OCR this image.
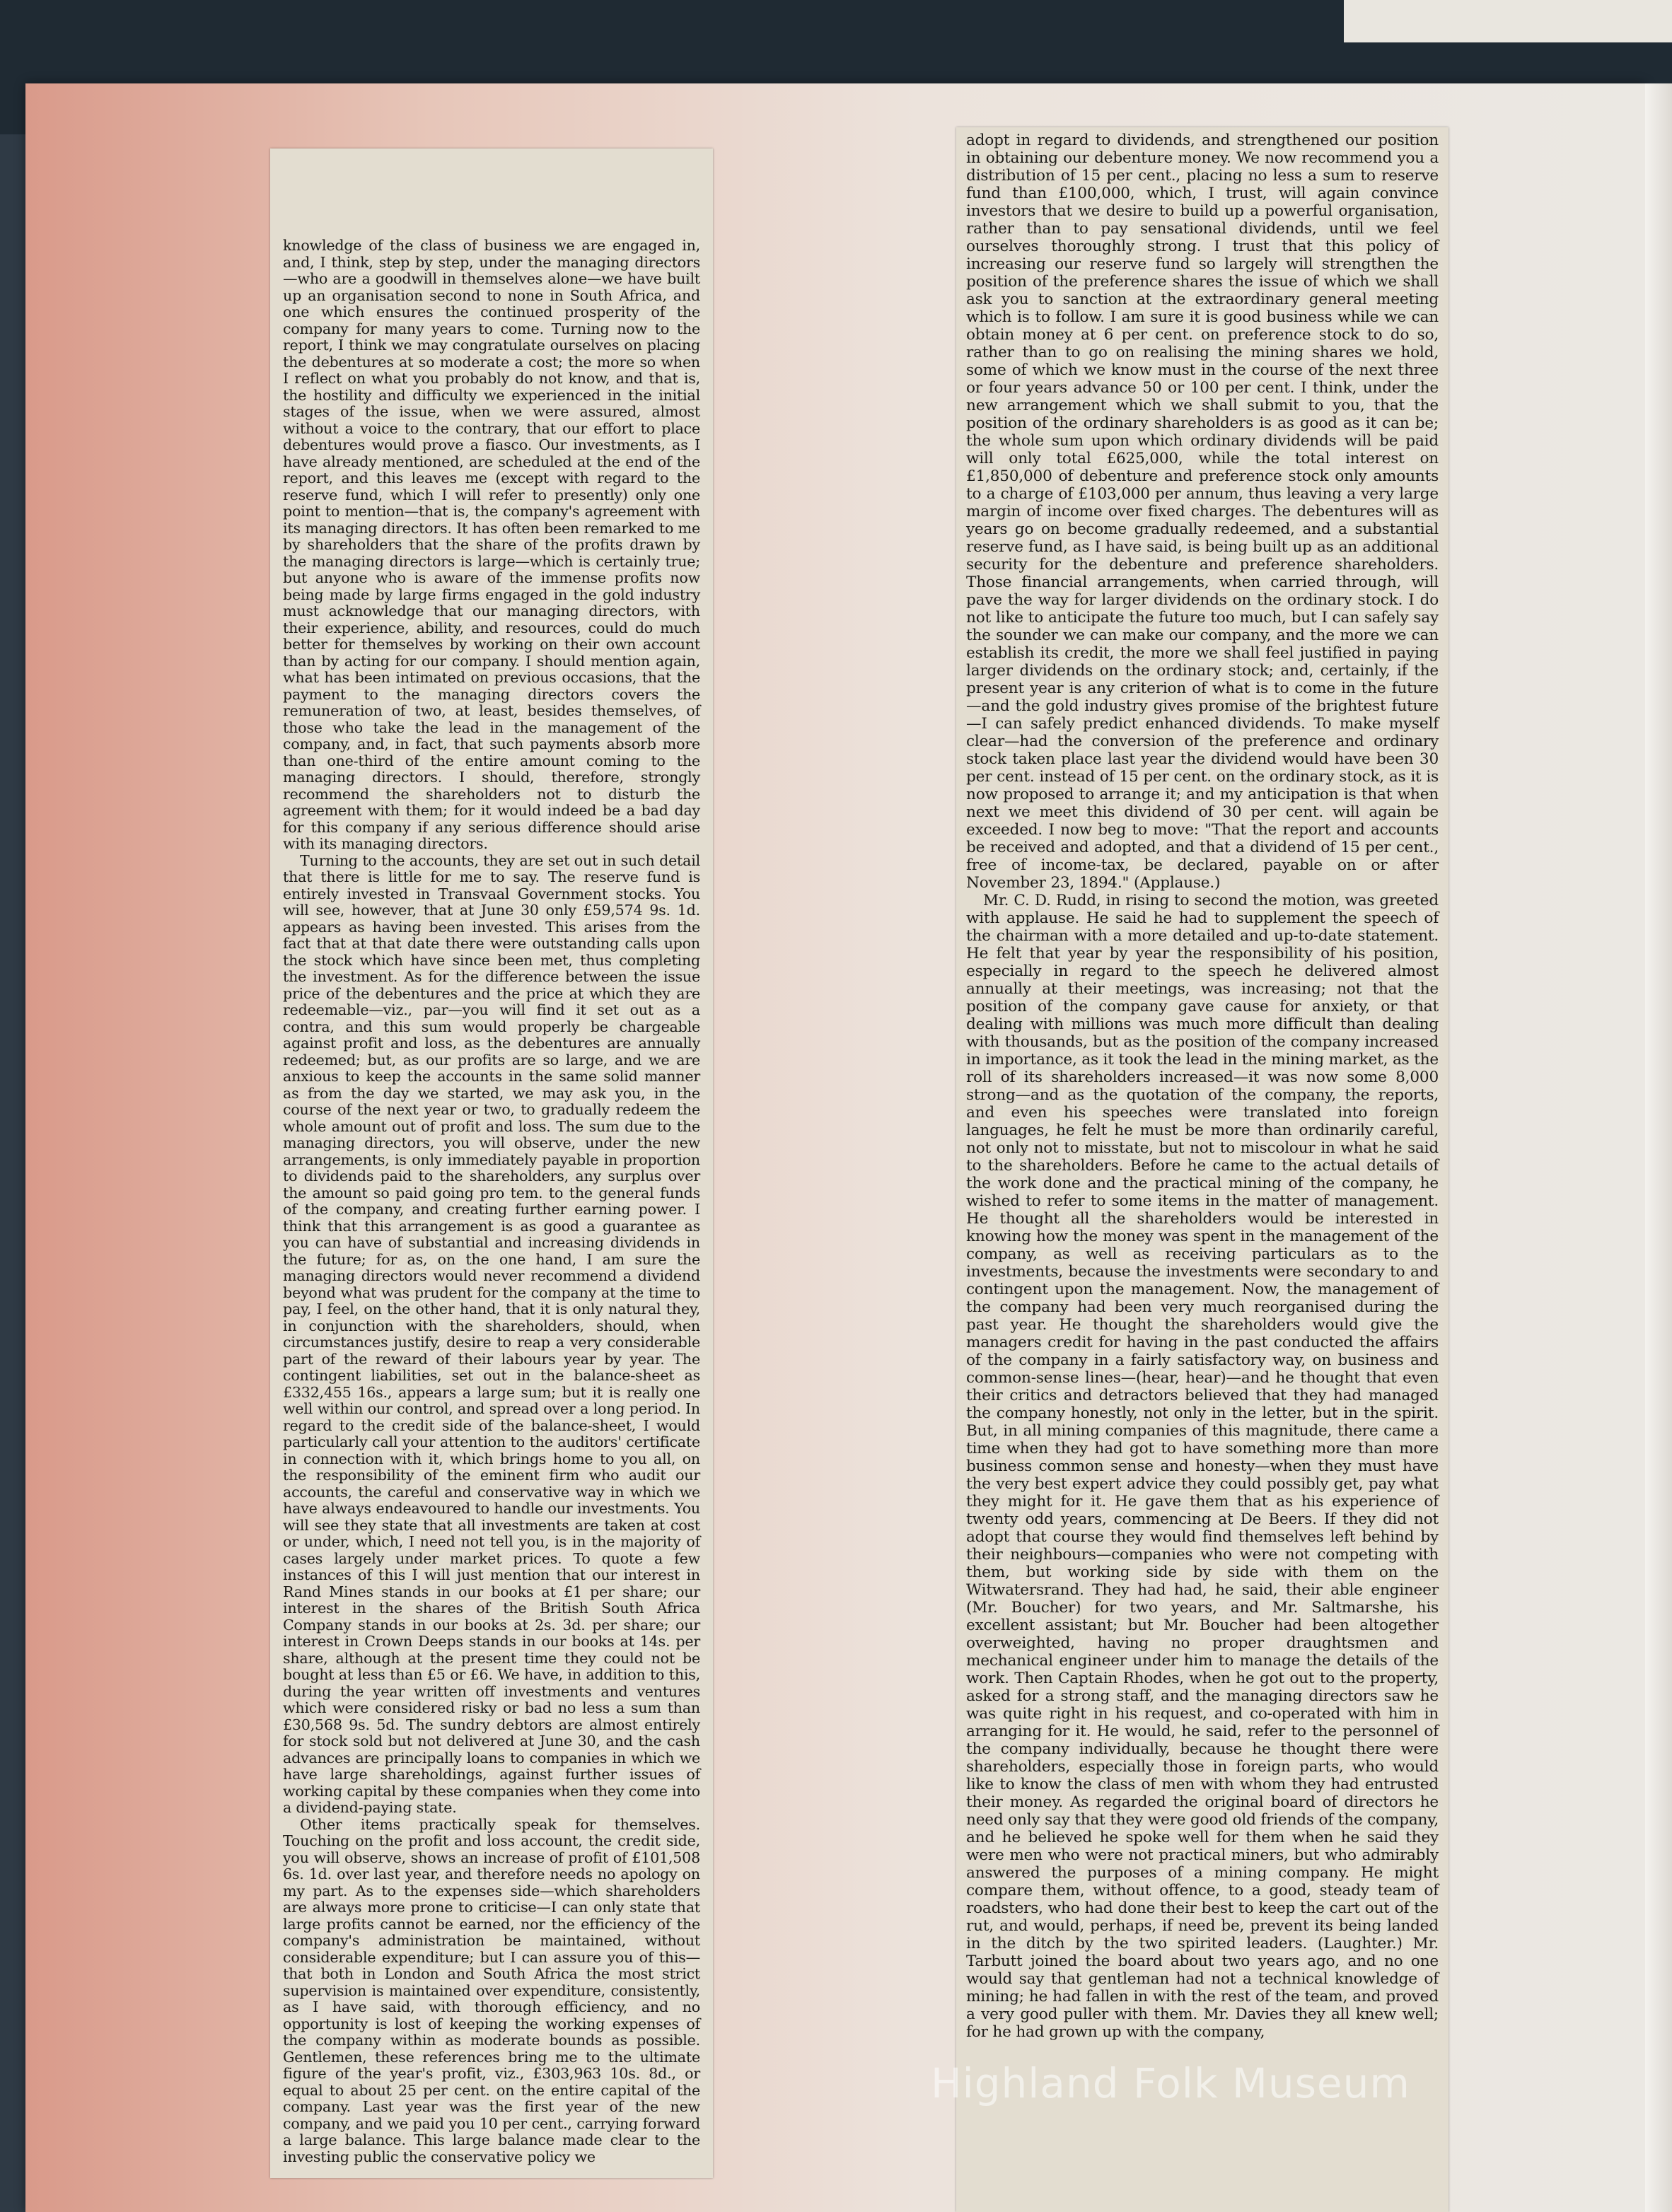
knowledge of the class of business we are engaged in, and, I think, step by step, under the managing directors—who are a goodwill in themselves alone—we have built up an organisation second to none in South Africa, and one which ensures the continued prosperity of the company for many years to come. Turning now to the report, I think we may congratulate ourselves on placing the debentures at so moderate a cost; the more so when I reflect on what you probably do not know, and that is, the hostility and difficulty we experienced in the initial stages of the issue, when we were assured, almost without a voice to the contrary, that our effort to place debentures would prove a fiasco. Our investments, as I have already mentioned, are scheduled at the end of the report, and this leaves me (except with regard to the reserve fund, which I will refer to presently) only one point to mention—that is, the company's agreement with its managing directors. It has often been remarked to me by shareholders that the share of the profits drawn by the managing directors is large—which is certainly true; but anyone who is aware of the immense profits now being made by large firms engaged in the gold industry must acknowledge that our managing directors, with their experience, ability, and resources, could do much better for themselves by working on their own account than by acting for our company. I should mention again, what has been intimated on previous occasions, that the payment to the managing directors covers the remuneration of two, at least, besides themselves, of those who take the lead in the management of the company, and, in fact, that such payments absorb more than one-third of the entire amount coming to the managing directors. I should, therefore, strongly recommend the shareholders not to disturb the agreement with them; for it would indeed be a bad day for this company if any serious difference should arise with its managing directors.

Turning to the accounts, they are set out in such detail that there is little for me to say. The reserve fund is entirely invested in Transvaal Government stocks. You will see, however, that at June 30 only £59,574 9s. 1d. appears as having been invested. This arises from the fact that at that date there were outstanding calls upon the stock which have since been met, thus completing the investment. As for the difference between the issue price of the debentures and the price at which they are redeemable—viz., par—you will find it set out as a contra, and this sum would properly be chargeable against profit and loss, as the debentures are annually redeemed; but, as our profits are so large, and we are anxious to keep the accounts in the same solid manner as from the day we started, we may ask you, in the course of the next year or two, to gradually redeem the whole amount out of profit and loss. The sum due to the managing directors, you will observe, under the new arrangements, is only immediately payable in proportion to dividends paid to the shareholders, any surplus over the amount so paid going pro tem. to the general funds of the company, and creating further earning power. I think that this arrangement is as good a guarantee as you can have of substantial and increasing dividends in the future; for as, on the one hand, I am sure the managing directors would never recommend a dividend beyond what was prudent for the company at the time to pay, I feel, on the other hand, that it is only natural they, in conjunction with the shareholders, should, when circumstances justify, desire to reap a very considerable part of the reward of their labours year by year. The contingent liabilities, set out in the balance-sheet as £332,455 16s., appears a large sum; but it is really one well within our control, and spread over a long period. In regard to the credit side of the balance-sheet, I would particularly call your attention to the auditors' certificate in connection with it, which brings home to you all, on the responsibility of the eminent firm who audit our accounts, the careful and conservative way in which we have always endeavoured to handle our investments. You will see they state that all investments are taken at cost or under, which, I need not tell you, is in the majority of cases largely under market prices. To quote a few instances of this I will just mention that our interest in Rand Mines stands in our books at £1 per share; our interest in the shares of the British South Africa Company stands in our books at 2s. 3d. per share; our interest in Crown Deeps stands in our books at 14s. per share, although at the present time they could not be bought at less than £5 or £6. We have, in addition to this, during the year written off investments and ventures which were considered risky or bad no less a sum than £30,568 9s. 5d. The sundry debtors are almost entirely for stock sold but not delivered at June 30, and the cash advances are principally loans to companies in which we have large shareholdings, against further issues of working capital by these companies when they come into a dividend-paying state.

Other items practically speak for themselves. Touching on the profit and loss account, the credit side, you will observe, shows an increase of profit of £101,508 6s. 1d. over last year, and therefore needs no apology on my part. As to the expenses side—which shareholders are always more prone to criticise—I can only state that large profits cannot be earned, nor the efficiency of the company's administration be maintained, without considerable expenditure; but I can assure you of this—that both in London and South Africa the most strict supervision is maintained over expenditure, consistently, as I have said, with thorough efficiency, and no opportunity is lost of keeping the working expenses of the company within as moderate bounds as possible. Gentlemen, these references bring me to the ultimate figure of the year's profit, viz., £303,963 10s. 8d., or equal to about 25 per cent. on the entire capital of the company. Last year was the first year of the new company, and we paid you 10 per cent., carrying forward a large balance. This large balance made clear to the investing public the conservative policy we

adopt in regard to dividends, and strengthened our position in obtaining our debenture money. We now recommend you a distribution of 15 per cent., placing no less a sum to reserve fund than £100,000, which, I trust, will again convince investors that we desire to build up a powerful organisation, rather than to pay sensational dividends, until we feel ourselves thoroughly strong. I trust that this policy of increasing our reserve fund so largely will strengthen the position of the preference shares the issue of which we shall ask you to sanction at the extraordinary general meeting which is to follow. I am sure it is good business while we can obtain money at 6 per cent. on preference stock to do so, rather than to go on realising the mining shares we hold, some of which we know must in the course of the next three or four years advance 50 or 100 per cent. I think, under the new arrangement which we shall submit to you, that the position of the ordinary shareholders is as good as it can be; the whole sum upon which ordinary dividends will be paid will only total £625,000, while the total interest on £1,850,000 of debenture and preference stock only amounts to a charge of £103,000 per annum, thus leaving a very large margin of income over fixed charges. The debentures will as years go on become gradually redeemed, and a substantial reserve fund, as I have said, is being built up as an additional security for the debenture and preference shareholders. Those financial arrangements, when carried through, will pave the way for larger dividends on the ordinary stock. I do not like to anticipate the future too much, but I can safely say the sounder we can make our company, and the more we can establish its credit, the more we shall feel justified in paying larger dividends on the ordinary stock; and, certainly, if the present year is any criterion of what is to come in the future—and the gold industry gives promise of the brightest future—I can safely predict enhanced dividends. To make myself clear—had the conversion of the preference and ordinary stock taken place last year the dividend would have been 30 per cent. instead of 15 per cent. on the ordinary stock, as it is now proposed to arrange it; and my anticipation is that when next we meet this dividend of 30 per cent. will again be exceeded. I now beg to move: "That the report and accounts be received and adopted, and that a dividend of 15 per cent., free of income-tax, be declared, payable on or after November 23, 1894." (Applause.)

Mr. C. D. Rudd, in rising to second the motion, was greeted with applause. He said he had to supplement the speech of the chairman with a more detailed and up-to-date statement. He felt that year by year the responsibility of his position, especially in regard to the speech he delivered almost annually at their meetings, was increasing; not that the position of the company gave cause for anxiety, or that dealing with millions was much more difficult than dealing with thousands, but as the position of the company increased in importance, as it took the lead in the mining market, as the roll of its shareholders increased—it was now some 8,000 strong—and as the quotation of the company, the reports, and even his speeches were translated into foreign languages, he felt he must be more than ordinarily careful, not only not to misstate, but not to miscolour in what he said to the shareholders. Before he came to the actual details of the work done and the practical mining of the company, he wished to refer to some items in the matter of management. He thought all the shareholders would be interested in knowing how the money was spent in the management of the company, as well as receiving particulars as to the investments, because the investments were secondary to and contingent upon the management. Now, the management of the company had been very much reorganised during the past year. He thought the shareholders would give the managers credit for having in the past conducted the affairs of the company in a fairly satisfactory way, on business and common-sense lines—(hear, hear)—and he thought that even their critics and detractors believed that they had managed the company honestly, not only in the letter, but in the spirit. But, in all mining companies of this magnitude, there came a time when they had got to have something more than more business common sense and honesty—when they must have the very best expert advice they could possibly get, pay what they might for it. He gave them that as his experience of twenty odd years, commencing at De Beers. If they did not adopt that course they would find themselves left behind by their neighbours—companies who were not competing with them, but working side by side with them on the Witwatersrand. They had had, he said, their able engineer (Mr. Boucher) for two years, and Mr. Saltmarshe, his excellent assistant; but Mr. Boucher had been altogether overweighted, having no proper draughtsmen and mechanical engineer under him to manage the details of the work. Then Captain Rhodes, when he got out to the property, asked for a strong staff, and the managing directors saw he was quite right in his request, and co-operated with him in arranging for it. He would, he said, refer to the personnel of the company individually, because he thought there were shareholders, especially those in foreign parts, who would like to know the class of men with whom they had entrusted their money. As regarded the original board of directors he need only say that they were good old friends of the company, and he believed he spoke well for them when he said they were men who were not practical miners, but who admirably answered the purposes of a mining company. He might compare them, without offence, to a good, steady team of roadsters, who had done their best to keep the cart out of the rut, and would, perhaps, if need be, prevent its being landed in the ditch by the two spirited leaders. (Laughter.) Mr. Tarbutt joined the board about two years ago, and no one would say that gentleman had not a technical knowledge of mining; he had fallen in with the rest of the team, and proved a very good puller with them. Mr. Davies they all knew well; for he had grown up with the company,

Highland Folk Museum
